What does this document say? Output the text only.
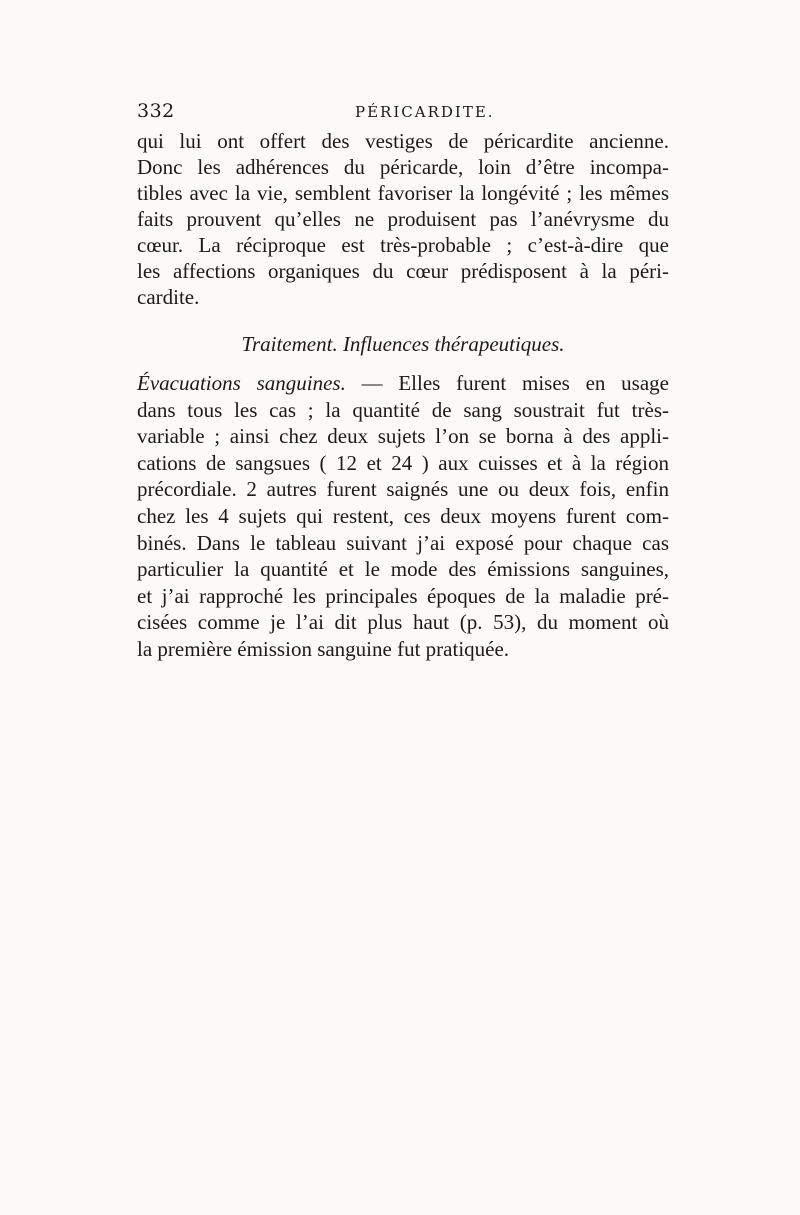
332	PÉRICARDITE.

qui lui ont offert des vestiges de péricardite ancienne.
Donc les adhérences du péricarde, loin d’être incompa-
tibles avec la vie, semblent favoriser la longévité ; les mêmes
faits prouvent qu’elles ne produisent pas l’anévrysme du
cœur. La réciproque est très-probable ; c’est-à-dire que
les affections organiques du cœur prédisposent à la péri-
cardite.

Traitement. Influences thérapeutiques.
Évacuations sanguines. — Elles furent mises en usage
dans tous les cas ; la quantité de sang soustrait fut très-
variable ; ainsi chez deux sujets l’on se borna à des appli-
cations de sangsues ( 12 et 24 ) aux cuisses et à la région
précordiale. 2 autres furent saignés une ou deux fois, enfin
chez les 4 sujets qui restent, ces deux moyens furent com-
binés. Dans le tableau suivant j’ai exposé pour chaque cas
particulier la quantité et le mode des émissions sanguines,
et j’ai rapproché les principales époques de la maladie pré-
cisées comme je l’ai dit plus haut (p. 53), du moment où
la première émission sanguine fut pratiquée.
